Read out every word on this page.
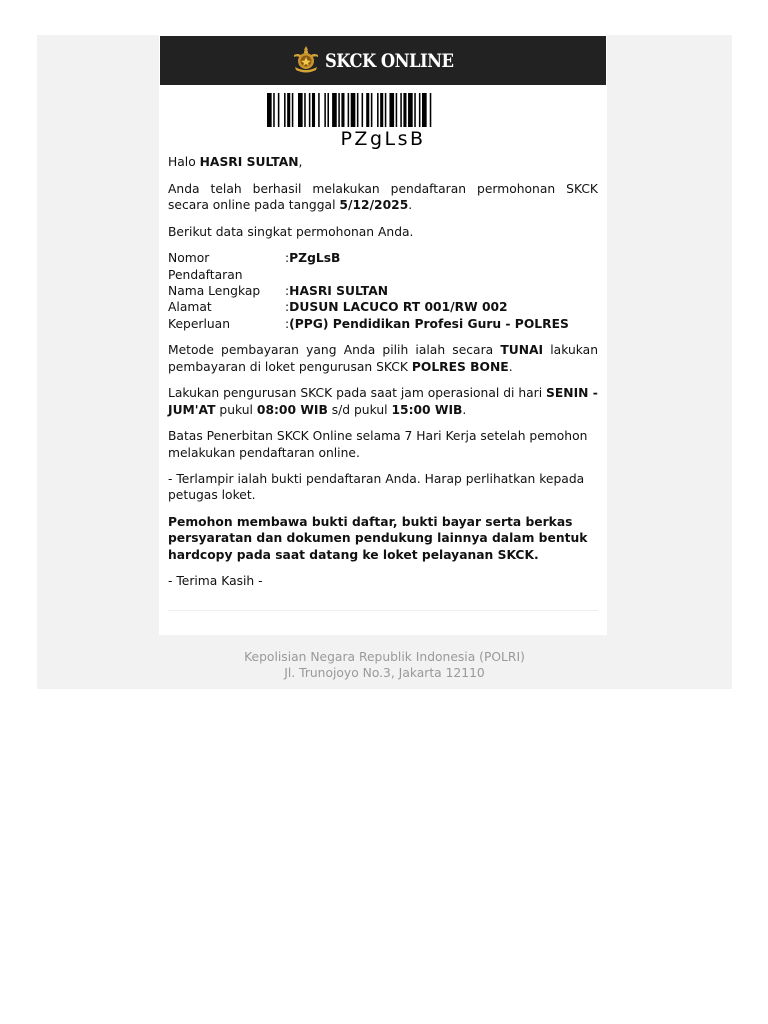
SKCK ONLINE
PZgLsB

Halo HASRI SULTAN,

Anda telah berhasil melakukan pendaftaran permohonan SKCK secara online pada tanggal 5/12/2025.

Berikut data singkat permohonan Anda.

Nomor Pendaftaran	:PZgLsB
Nama Lengkap	:HASRI SULTAN
Alamat	:DUSUN LACUCO RT 001/RW 002
Keperluan	:(PPG) Pendidikan Profesi Guru - POLRES

Metode pembayaran yang Anda pilih ialah secara TUNAI lakukan pembayaran di loket pengurusan SKCK POLRES BONE.

Lakukan pengurusan SKCK pada saat jam operasional di hari SENIN - JUM'AT pukul 08:00 WIB s/d pukul 15:00 WIB.

Batas Penerbitan SKCK Online selama 7 Hari Kerja setelah pemohon melakukan pendaftaran online.

- Terlampir ialah bukti pendaftaran Anda. Harap perlihatkan kepada petugas loket.

Pemohon membawa bukti daftar, bukti bayar serta berkas persyaratan dan dokumen pendukung lainnya dalam bentuk hardcopy pada saat datang ke loket pelayanan SKCK.

- Terima Kasih -

Kepolisian Negara Republik Indonesia (POLRI)
Jl. Trunojoyo No.3, Jakarta 12110
